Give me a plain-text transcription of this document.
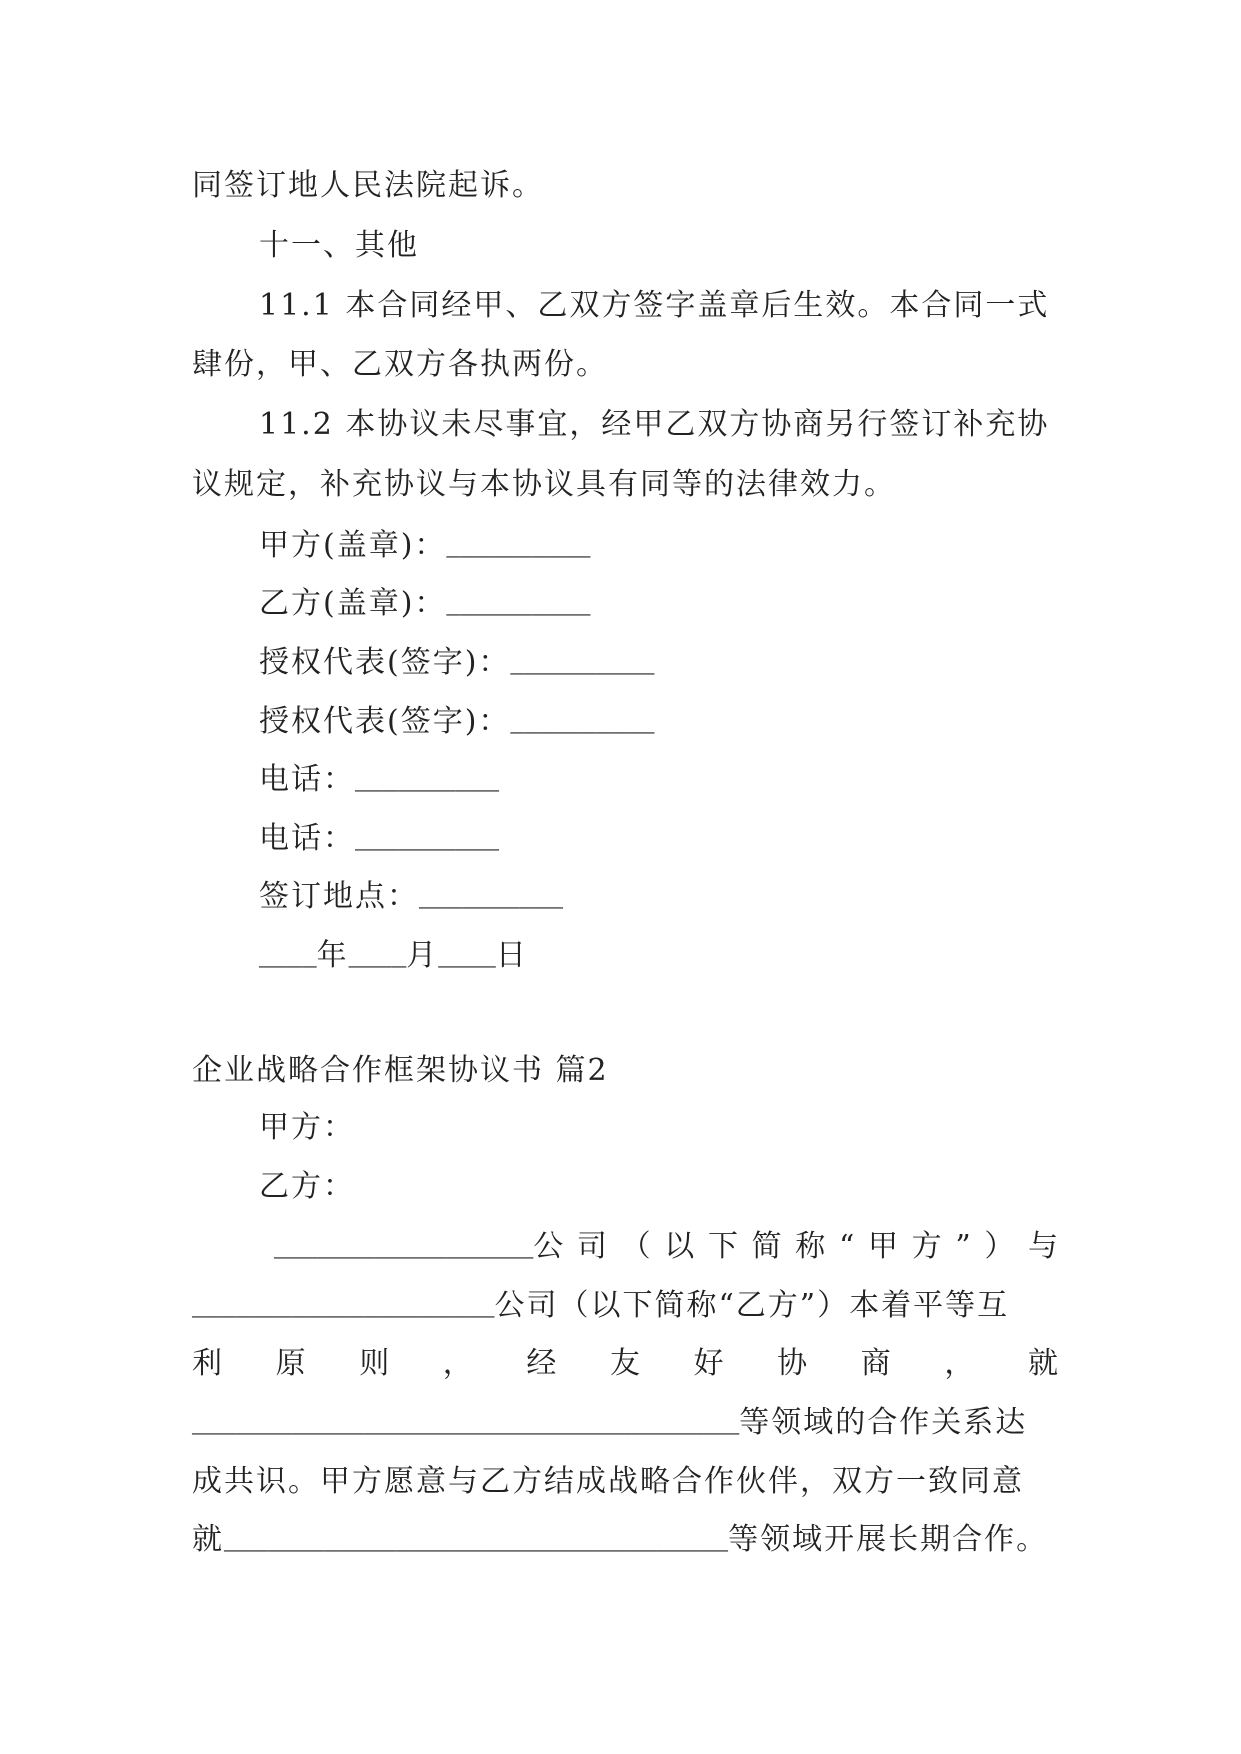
同签订地人民法院起诉。
十一、其他
11.1 本合同经甲、乙双方签字盖章后生效。本合同一式
肆份，甲、乙双方各执两份。
11.2 本协议未尽事宜，经甲乙双方协商另行签订补充协
议规定，补充协议与本协议具有同等的法律效力。
甲方(盖章)：__________
乙方(盖章)：__________
授权代表(签字)：__________
授权代表(签字)：__________
电话：__________
电话：__________
签订地点：__________
____年____月____日
企业战略合作框架协议书 篇2
甲方：
乙方：
__________________ 公 司 （ 以 下 简 称 “ 甲 方 ” ） 与
_____________________公司（以下简称“乙方”）本着平等互
利 原 则 ， 经 友 好 协 商 ， 就
______________________________________等领域的合作关系达
成共识。甲方愿意与乙方结成战略合作伙伴，双方一致同意
就___________________________________等领域开展长期合作。
